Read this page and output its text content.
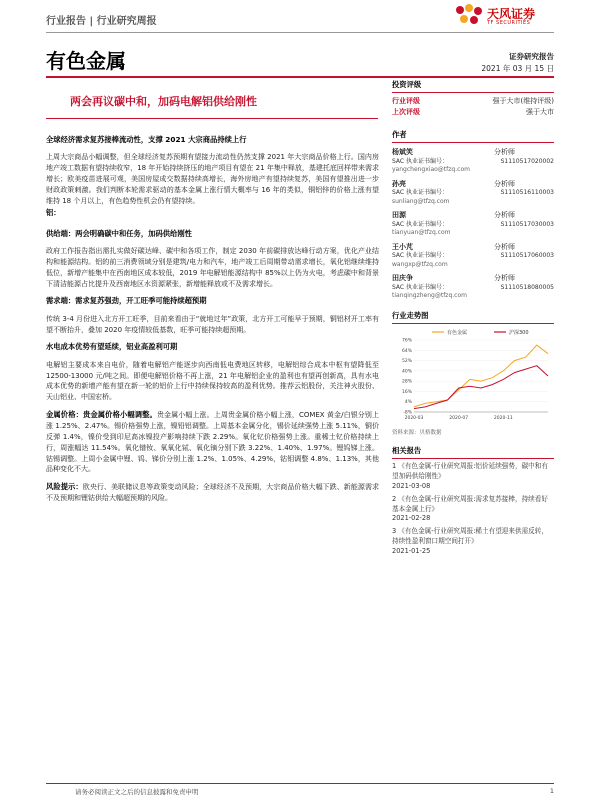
行业报告 | 行业研究周报
天风证券
TF SECURITIES
有色金属	证券研究报告
2021 年 03 月 15 日
两会再议碳中和，加码电解铝供给刚性

全球经济需求复苏接棒流动性，支撑 2021 大宗商品持续上行

上周大宗商品小幅调整，但全球经济复苏预期有望接力流动性仍然支撑 2021 年大宗商品价格上行。国内房地产竣工数据有望持续收窄，18 年开始持续挤压的地产项目有望在 21 年集中释放，基建托底回样带来需求增长；欧美疫苗进展可观，美国房屋成交数据持续高增长，海外房地产有望持续复苏，美国有望推出进一步财政政策刺激。我们判断本轮需求驱动的基本金属上涨行情大概率与 16 年的类似，铜铝锌的价格上涨有望维持 18 个月以上，有色趋势性机会仍有望持续。

铝：

供给端：两会明确碳中和任务，加码供给刚性

政府工作报告指出需扎实做好碳达峰、碳中和各项工作，制定 2030 年前碳排放达峰行动方案，优化产业结构和能源结构。铝的前三消费领域分别是建筑/电力和汽车，地产竣工后周期带动需求增长，氧化铝继续维持低位，新增产能集中在西南地区成本较低，2019 年电解铝能源结构中 85%以上仍为火电，考虑碳中和背景下清洁能源占比提升及西南地区水资源紧张，新增能释放或不及需求增长。

需求端：需求复苏强劲，开工旺季可能持续超预期

传统 3-4 月份进入北方开工旺季，目前来看由于“就地过年”政策，北方开工可能早于预期，铜铝材开工率有望不断抬升，叠加 2020 年疫情较低基数，旺季可能持续超预期。

水电成本优势有望延续，铝业高盈利可期

电解铝主要成本来自电价，随着电解铝产能逐步向西南低电费地区转移，电解铝综合成本中枢有望降低至 12500-13000 元/吨之间。即便电解铝价格不再上涨，21 年电解铝企业的盈利也有望再创新高，具有水电成本优势的新增产能有望在新一轮的铝价上行中持续保持较高的盈利优势。推荐云铝股份，关注神火股份、天山铝业、中国宏桥。

金属价格：贵金属价格小幅调整。贵金属小幅上涨。上周贵金属价格小幅上涨，COMEX 黄金/白银分别上涨 1.25%、2.47%。锡价格强势上涨，镍铅铝调整。上周基本金属分化，锡价延续强势上涨 5.11%，铜价反弹 1.4%，镍价受到印尼高冰镍投产影响持续下跌 2.29%。氧化钇价格强势上涨。重稀土钇价格持续上行，周涨幅达 11.54%。氧化镨钕、氧氧化铽、氧化镝分别下跌 3.22%、1.40%、1.97%。锂钨锑上涨。钴锡调整。上周小金属中锂、钨、锑价分别上涨 1.2%、1.05%、4.29%，钴钼调整 4.8%、1.13%，其他品种变化不大。

风险提示：欧央行、美联储议息等政策变动风险；全球经济不及预期，大宗商品价格大幅下跌、新能源需求不及预期和锂钴供给大幅超预期的风险。

投资评级
行业评级	强于大市(维持评级)
上次评级	强于大市
作者
杨斌笑	分析师
SAC 执业证书编号：	S1110517020002
yangchengxiao@tfzq.com
孙亮	分析师
SAC 执业证书编号：	S1110516110003
sunliang@tfzq.com
田源	分析师
SAC 执业证书编号：	S1110517030003
tianyuan@tfzq.com
王小芃	分析师
SAC 执业证书编号：	S1110517060003
wangxp@tfzq.com
田庆争	分析师
SAC 执业证书编号：	S1110518080005
tianqingzheng@tfzq.com
行业走势图
-8%
4%
16%
28%
40%
52%
64%
76%
2020-03	2020-07	2020-11
有色金属	沪深300
资料来源：贝格数据
相关报告
1 《有色金属-行业研究周报:铝价延续强势，碳中和有望加码供给刚性》
2021-03-08
2 《有色金属-行业研究周报:需求复苏接棒，持续看好基本金属上行》
2021-02-28
3 《有色金属-行业研究周报:稀土有望迎来供需反转，持续性盈利窗口期空间打开》
2021-01-25
请务必阅读正文之后的信息披露和免责申明	1
